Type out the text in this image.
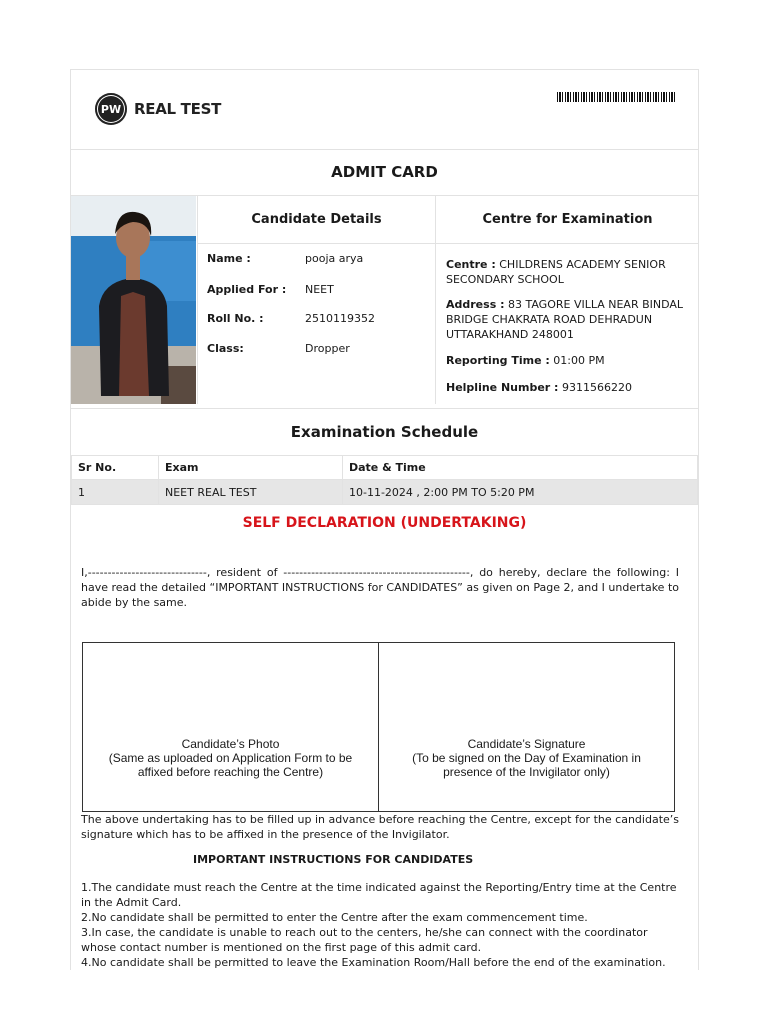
PW REAL TEST
ADMIT CARD
Candidate Details
Name :	pooja arya
Applied For :	NEET
Roll No. :	2510119352
Class:	Dropper
Centre for Examination
Centre : CHILDRENS ACADEMY SENIOR SECONDARY SCHOOL
Address : 83 TAGORE VILLA NEAR BINDAL BRIDGE CHAKRATA ROAD DEHRADUN UTTARAKHAND 248001
Reporting Time : 01:00 PM
Helpline Number : 9311566220
Examination Schedule
Sr No.	Exam	Date & Time
1	NEET REAL TEST	10-11-2024 , 2:00 PM TO 5:20 PM
SELF DECLARATION (UNDERTAKING)
I,------------------------------, resident of -----------------------------------------------, do hereby, declare the following: I have read the detailed “IMPORTANT INSTRUCTIONS for CANDIDATES” as given on Page 2, and I undertake to abide by the same.
Candidate’s Photo
(Same as uploaded on Application Form to be
affixed before reaching the Centre)
Candidate’s Signature
(To be signed on the Day of Examination in
presence of the Invigilator only)
The above undertaking has to be filled up in advance before reaching the Centre, except for the candidate’s signature which has to be affixed in the presence of the Invigilator.
IMPORTANT INSTRUCTIONS FOR CANDIDATES
1.The candidate must reach the Centre at the time indicated against the Reporting/Entry time at the Centre in the Admit Card.
2.No candidate shall be permitted to enter the Centre after the exam commencement time.
3.In case, the candidate is unable to reach out to the centers, he/she can connect with the coordinator whose contact number is mentioned on the first page of this admit card.
4.No candidate shall be permitted to leave the Examination Room/Hall before the end of the examination.
